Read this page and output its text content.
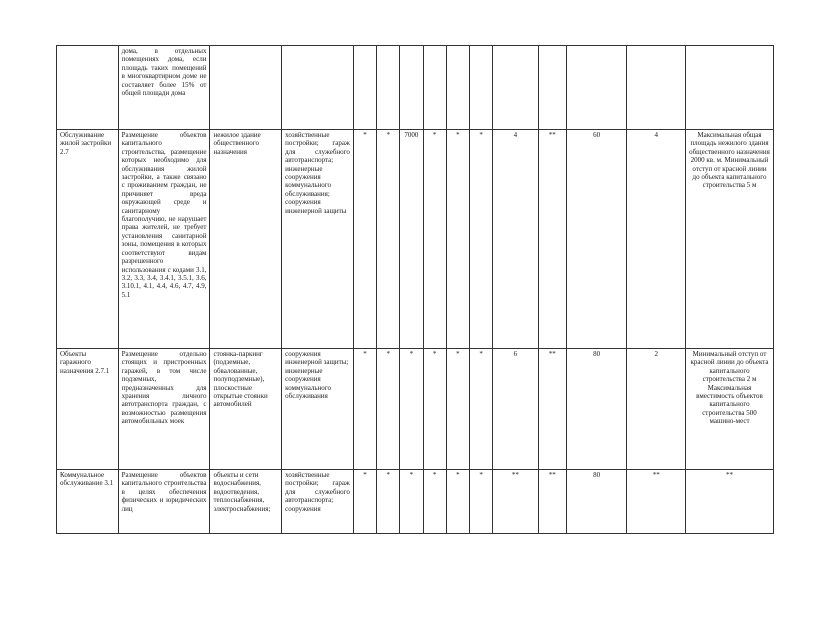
	дома, в отдельных помещениях дома, если площадь таких помещений в многоквартирном доме не составляет более 15% от общей площади дома													
Обслуживание жилой застройки 2.7	Размещение объектов капитального строительства, размещение которых необходимо для обслуживания жилой застройки, а также связано с проживанием граждан, не причиняет вреда окружающей среде и санитарному благополучию, не нарушает права жителей, не требует установления санитарной зоны, помещения в которых соответствуют видам разрешенного использования с кодами 3.1, 3.2, 3.3, 3.4, 3.4.1, 3.5.1, 3.6, 3.10.1, 4.1, 4.4, 4.6, 4.7, 4.9, 5.1	нежилое здание общественного назначения	хозяйственные постройки; гараж для служебного автотранспорта; инженерные сооружения коммунального обслуживания; сооружения инженерной защиты	*	*	7000	*	*	*	4	**	60	4	Максимальная общая площадь нежилого здания общественного назначения 2000 кв. м. Минимальный отступ от красной линии до объекта капитального строительства 5 м
Объекты гаражного назначения 2.7.1	Размещение отдельно стоящих и пристроенных гаражей, в том числе подземных, предназначенных для хранения личного автотранспорта граждан, с возможностью размещения автомобильных моек	стоянка-паркинг (подземные, обвалованные, полуподземные), плоскостные открытые стоянки автомобилей	сооружения инженерной защиты; инженерные сооружения коммунального обслуживания	*	*	*	*	*	*	6	**	80	2	Минимальный отступ от красной линии до объекта капитального строительства 2 м Максимальная вместимость объектов капитального строительства 500 машино-мест
Коммунальное обслуживание 3.1	Размещение объектов капитального строительства в целях обеспечения физических и юридических лиц	объекты и сети водоснабжения, водоотведения, теплоснабжения, электроснабжения;	хозяйственные постройки; гараж для служебного автотранспорта; сооружения	*	*	*	*	*	*	**	**	80	**	**
